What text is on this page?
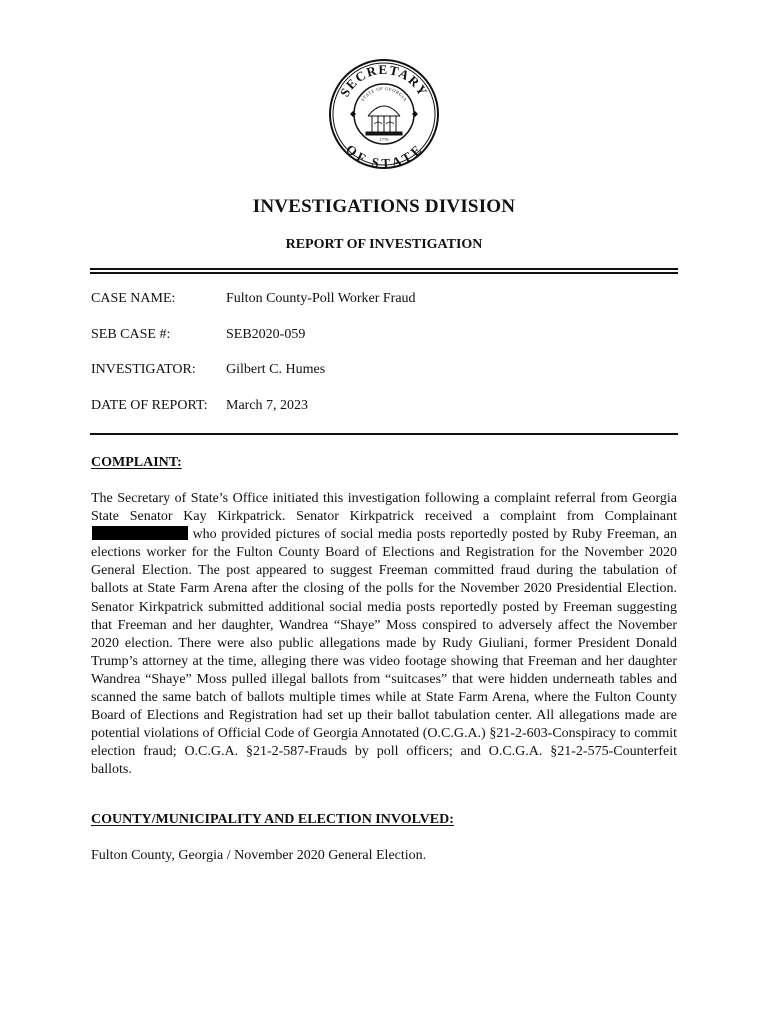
SECRETARY
OF STATE
STATE OF GEORGIA
1776
INVESTIGATIONS DIVISION
REPORT OF INVESTIGATION
CASE NAME:	Fulton County-Poll Worker Fraud
SEB CASE #:	SEB2020-059
INVESTIGATOR: Gilbert C. Humes
DATE OF REPORT: March 7, 2023
COMPLAINT:
The Secretary of State’s Office initiated this investigation following a complaint referral from Georgia State Senator Kay Kirkpatrick. Senator Kirkpatrick received a complaint from Complainant who provided pictures of social media posts reportedly posted by Ruby Freeman, an elections worker for the Fulton County Board of Elections and Registration for the November 2020 General Election. The post appeared to suggest Freeman committed fraud during the tabulation of ballots at State Farm Arena after the closing of the polls for the November 2020 Presidential Election. Senator Kirkpatrick submitted additional social media posts reportedly posted by Freeman suggesting that Freeman and her daughter, Wandrea “Shaye” Moss conspired to adversely affect the November 2020 election. There were also public allegations made by Rudy Giuliani, former President Donald Trump’s attorney at the time, alleging there was video footage showing that Freeman and her daughter Wandrea “Shaye” Moss pulled illegal ballots from “suitcases” that were hidden underneath tables and scanned the same batch of ballots multiple times while at State Farm Arena, where the Fulton County Board of Elections and Registration had set up their ballot tabulation center. All allegations made are potential violations of Official Code of Georgia Annotated (O.C.G.A.) §21-2-603-Conspiracy to commit election fraud; O.C.G.A. §21-2-587-Frauds by poll officers; and O.C.G.A. §21-2-575-Counterfeit ballots.
COUNTY/MUNICIPALITY AND ELECTION INVOLVED:
Fulton County, Georgia / November 2020 General Election.
